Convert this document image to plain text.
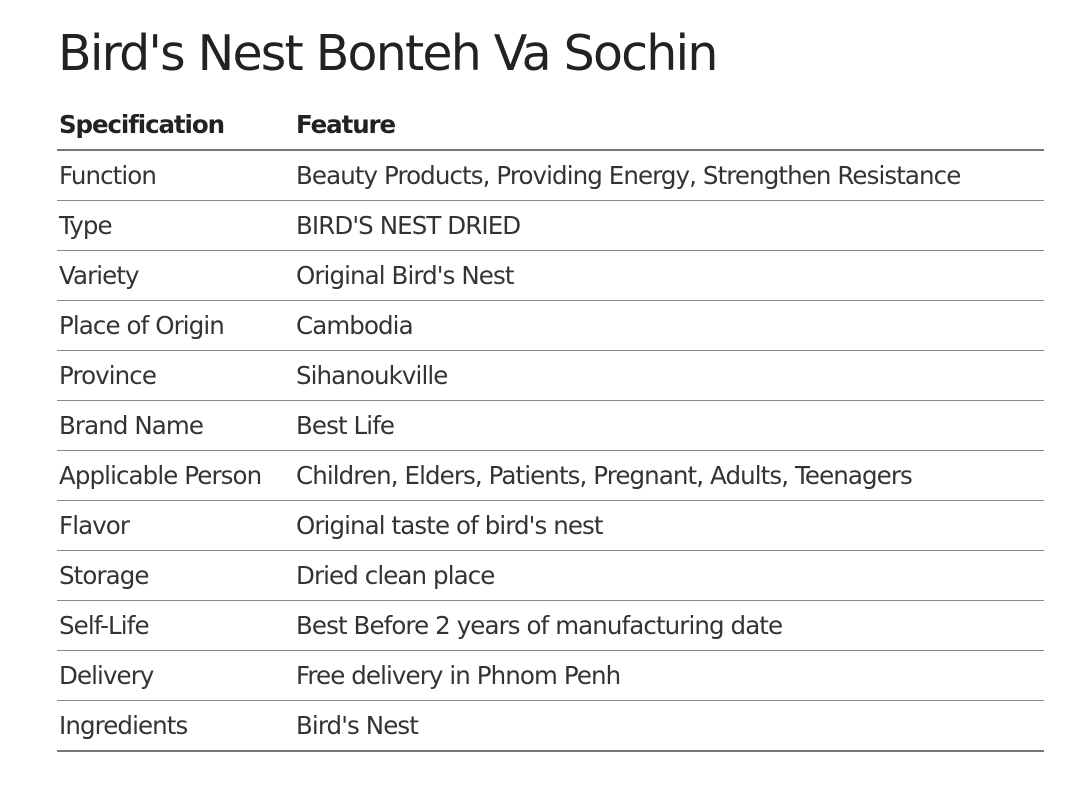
Bird's Nest Bonteh Va Sochin
Specification	Feature
Function	Beauty Products, Providing Energy, Strengthen Resistance
Type	BIRD'S NEST DRIED
Variety	Original Bird's Nest
Place of Origin	Cambodia
Province	Sihanoukville
Brand Name	Best Life
Applicable Person	Children, Elders, Patients, Pregnant, Adults, Teenagers
Flavor	Original taste of bird's nest
Storage	Dried clean place
Self-Life	Best Before 2 years of manufacturing date
Delivery	Free delivery in Phnom Penh
Ingredients	Bird's Nest
